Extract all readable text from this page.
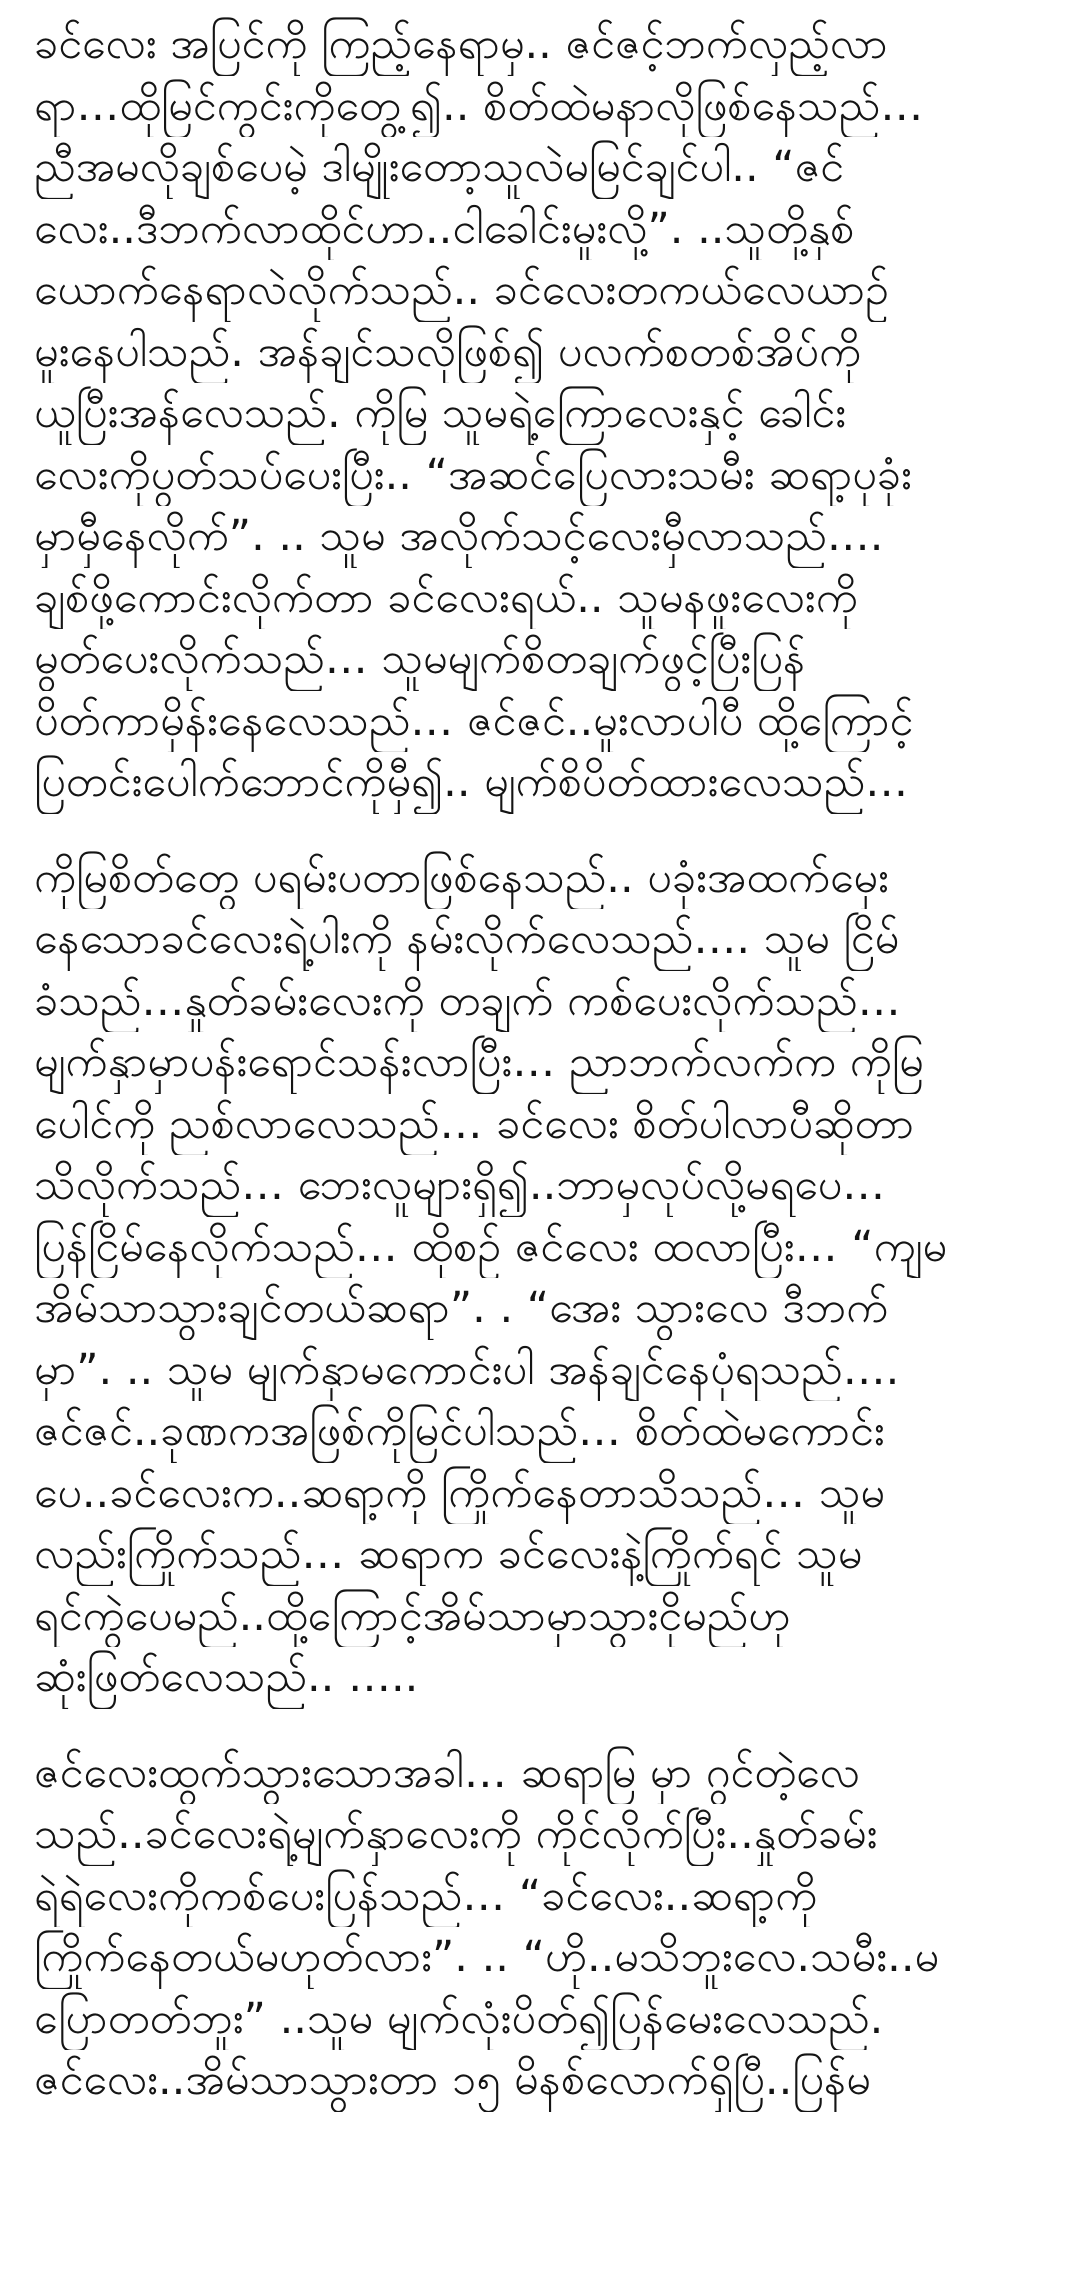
ခင်လေး အပြင်ကို ကြည့်နေရာမှ.. ဇင်ဇင့်ဘက်လှည့်လာ
ရာ…ထိုမြင်ကွင်းကိုတွေ့၍.. စိတ်ထဲမနာလိုဖြစ်နေသည်…
ညီအမလိုချစ်ပေမဲ့ ဒါမျိုးတော့သူလဲမမြင်ချင်ပါ.. “ဇင်
လေး..ဒီဘက်လာထိုင်ဟာ..ငါခေါင်းမူးလို့”. ..သူတို့နှစ်
ယောက်နေရာလဲလိုက်သည်.. ခင်လေးတကယ်လေယာဉ်
မူးနေပါသည်. အန်ချင်သလိုဖြစ်၍ ပလက်စတစ်အိပ်ကို
ယူပြီးအန်လေသည်. ကိုမြ သူမရဲ့ကြောလေးနှင့် ခေါင်း
လေးကိုပွတ်သပ်ပေးပြီး.. “အဆင်ပြေလားသမီး ဆရာ့ပုခုံး
မှာမှီနေလိုက်”. .. သူမ အလိုက်သင့်လေးမှီလာသည်….
ချစ်ဖို့ကောင်းလိုက်တာ ခင်လေးရယ်.. သူမနဖူးလေးကို
မွတ်ပေးလိုက်သည်… သူမမျက်စိတချက်ဖွင့်ပြီးပြန်
ပိတ်ကာမှိန်းနေလေသည်… ဇင်ဇင်..မူးလာပါပီ ထို့ကြောင့်
ပြတင်းပေါက်ဘောင်ကိုမှီ၍.. မျက်စိပိတ်ထားလေသည်…
ကိုမြစိတ်တွေ ပရမ်းပတာဖြစ်နေသည်.. ပခုံးအထက်မှေး
နေသောခင်လေးရဲ့ပါးကို နမ်းလိုက်လေသည်…. သူမ ငြိမ်
ခံသည်…နှုတ်ခမ်းလေးကို တချက် ကစ်ပေးလိုက်သည်…
မျက်နှာမှာပန်းရောင်သန်းလာပြီး… ညာဘက်လက်က ကိုမြ
ပေါင်ကို ညစ်လာလေသည်… ခင်လေး စိတ်ပါလာပီဆိုတာ
သိလိုက်သည်… ဘေးလူများရှိ၍..ဘာမှလုပ်လို့မရပေ…
ပြန်ငြိမ်နေလိုက်သည်… ထိုစဉ် ဇင်လေး ထလာပြီး… “ကျမ
အိမ်သာသွားချင်တယ်ဆရာ”. . “အေး သွားလေ ဒီဘက်
မှာ”. .. သူမ မျက်နှာမကောင်းပါ အန်ချင်နေပုံရသည်….
ဇင်ဇင်..ခုဏကအဖြစ်ကိုမြင်ပါသည်… စိတ်ထဲမကောင်း
ပေ..ခင်လေးက..ဆရာ့ကို ကြိုက်နေတာသိသည်… သူမ
လည်းကြိုက်သည်… ဆရာက ခင်လေးနဲ့ကြိုက်ရင် သူမ
ရင်ကွဲပေမည်..ထို့ကြောင့်အိမ်သာမှာသွားငိုမည်ဟု
ဆုံးဖြတ်လေသည်.. …..
ဇင်လေးထွက်သွားသောအခါ… ဆရာမြ မှာ ဂွင်တဲ့လေ
သည်..ခင်လေးရဲ့မျက်နှာလေးကို ကိုင်လိုက်ပြီး..နှုတ်ခမ်း
ရဲရဲလေးကိုကစ်ပေးပြန်သည်… “ခင်လေး..ဆရာ့ကို
ကြိုက်နေတယ်မဟုတ်လား”. .. “ဟို..မသိဘူးလေ.သမီး..မ
ပြောတတ်ဘူး” ..သူမ မျက်လုံးပိတ်၍ပြန်မေးလေသည်.
ဇင်လေး..အိမ်သာသွားတာ ၁၅ မိနစ်လောက်ရှိပြီ..ပြန်မ
